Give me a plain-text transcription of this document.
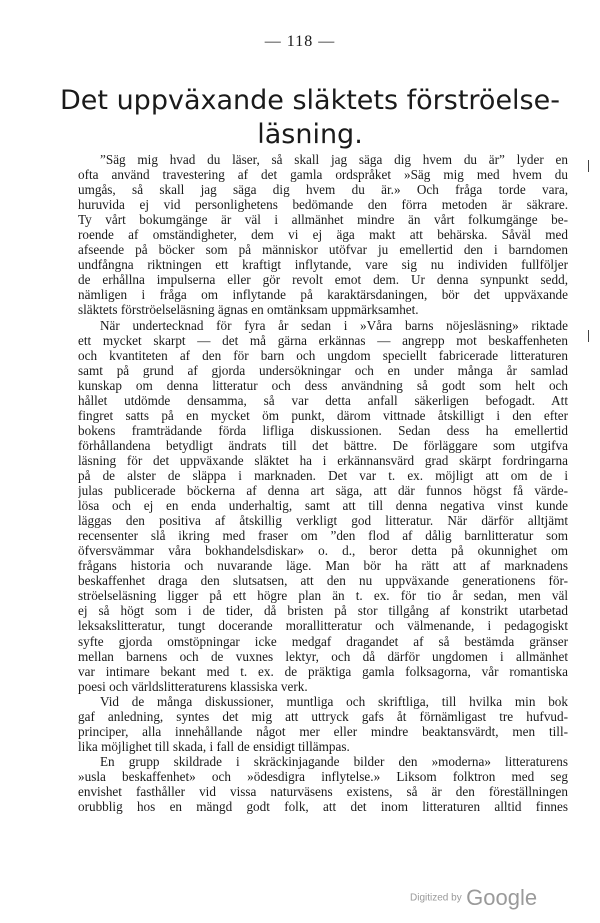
— 118 —
Det uppväxande släktets förströelse-
läsning.
”Säg mig hvad du läser, så skall jag säga dig hvem du är” lyder en
ofta använd travestering af det gamla ordspråket »Säg mig med hvem du
umgås, så skall jag säga dig hvem du är.» Och fråga torde vara,
huruvida ej vid personlighetens bedömande den förra metoden är säkrare.
Ty vårt bokumgänge är väl i allmänhet mindre än vårt folkumgänge be-
roende af omständigheter, dem vi ej äga makt att behärska. Såväl med
afseende på böcker som på människor utöfvar ju emellertid den i barndomen
undfångna riktningen ett kraftigt inflytande, vare sig nu individen fullföljer
de erhållna impulserna eller gör revolt emot dem. Ur denna synpunkt sedd,
nämligen i fråga om inflytande på karaktärsdaningen, bör det uppväxande
släktets förströelseläsning ägnas en omtänksam uppmärksamhet.
När undertecknad för fyra år sedan i »Våra barns nöjesläsning» riktade
ett mycket skarpt — det må gärna erkännas — angrepp mot beskaffenheten
och kvantiteten af den för barn och ungdom speciellt fabricerade litteraturen
samt på grund af gjorda undersökningar och en under många år samlad
kunskap om denna litteratur och dess användning så godt som helt och
hållet utdömde densamma, så var detta anfall säkerligen befogadt. Att
fingret satts på en mycket öm punkt, därom vittnade åtskilligt i den efter
bokens framträdande förda lifliga diskussionen. Sedan dess ha emellertid
förhållandena betydligt ändrats till det bättre. De förläggare som utgifva
läsning för det uppväxande släktet ha i erkännansvärd grad skärpt fordringarna
på de alster de släppa i marknaden. Det var t. ex. möjligt att om de i
julas publicerade böckerna af denna art säga, att där funnos högst få värde-
lösa och ej en enda underhaltig, samt att till denna negativa vinst kunde
läggas den positiva af åtskillig verkligt god litteratur. När därför alltjämt
recensenter slå ikring med fraser om ”den flod af dålig barnlitteratur som
öfversvämmar våra bokhandelsdiskar» o. d., beror detta på okunnighet om
frågans historia och nuvarande läge. Man bör ha rätt att af marknadens
beskaffenhet draga den slutsatsen, att den nu uppväxande generationens för-
ströelseläsning ligger på ett högre plan än t. ex. för tio år sedan, men väl
ej så högt som i de tider, då bristen på stor tillgång af konstrikt utarbetad
leksakslitteratur, tungt docerande morallitteratur och välmenande, i pedagogiskt
syfte gjorda omstöpningar icke medgaf dragandet af så bestämda gränser
mellan barnens och de vuxnes lektyr, och då därför ungdomen i allmänhet
var intimare bekant med t. ex. de präktiga gamla folksagorna, vår romantiska
poesi och världslitteraturens klassiska verk.
Vid de många diskussioner, muntliga och skriftliga, till hvilka min bok
gaf anledning, syntes det mig att uttryck gafs åt förnämligast tre hufvud-
principer, alla innehållande något mer eller mindre beaktansvärdt, men till-
lika möjlighet till skada, i fall de ensidigt tillämpas.
En grupp skildrade i skräckinjagande bilder den »moderna» litteraturens
»usla beskaffenhet» och »ödesdigra inflytelse.» Liksom folktron med seg
envishet fasthåller vid vissa naturväsens existens, så är den föreställningen
orubblig hos en mängd godt folk, att det inom litteraturen alltid finnes
Digitized by Google
